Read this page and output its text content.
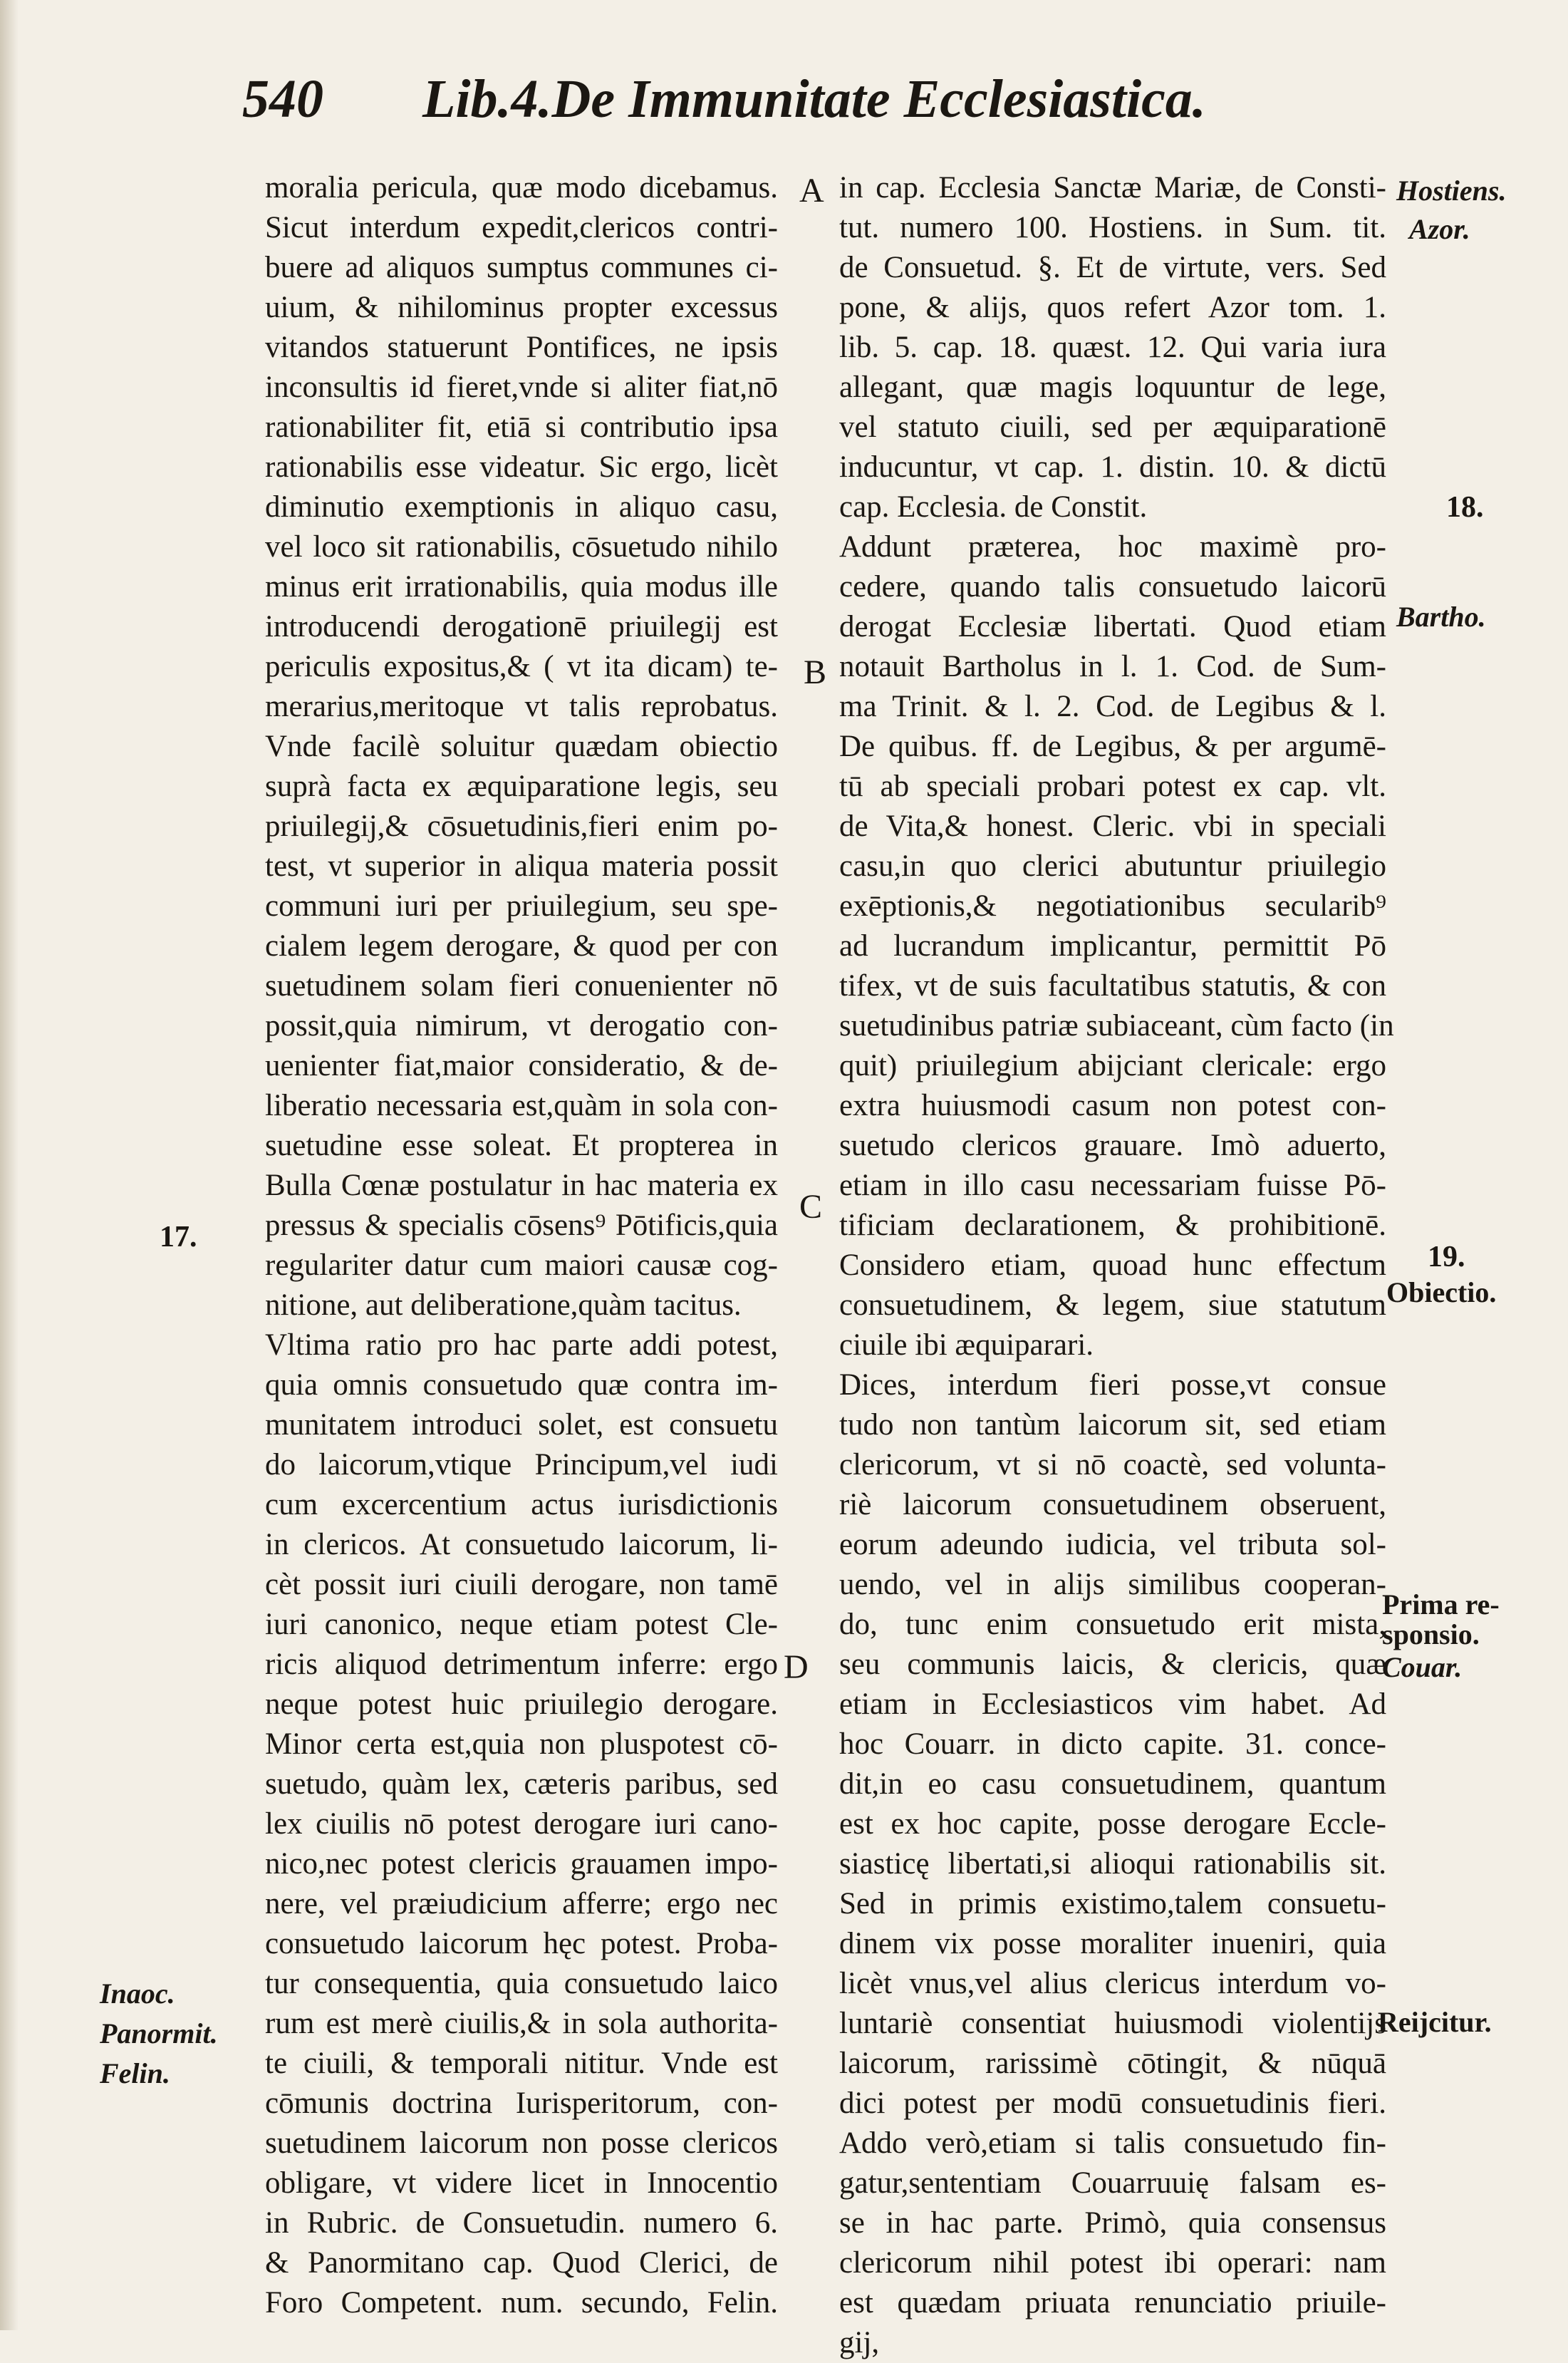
540 Lib.4.De Immunitate Ecclesiastica.
17.
Inaoc.
Panormit.
Felin.
moralia pericula, quæ modo dicebamus.
Sicut interdum expedit,clericos contri-
buere ad aliquos sumptus communes ci-
uium, & nihilominus propter excessus
vitandos statuerunt Pontifices, ne ipsis
inconsultis id fieret,vnde si aliter fiat,nō
rationabiliter fit, etiā si contributio ipsa
rationabilis esse videatur. Sic ergo, licèt
diminutio exemptionis in aliquo casu,
vel loco sit rationabilis, cōsuetudo nihilo
minus erit irrationabilis, quia modus ille
introducendi derogationē priuilegij est
periculis expositus,& ( vt ita dicam) te-
merarius,meritoque vt talis reprobatus.
Vnde facilè soluitur quædam obiectio
suprà facta ex æquiparatione legis, seu
priuilegij,& cōsuetudinis,fieri enim po-
test, vt superior in aliqua materia possit
communi iuri per priuilegium, seu spe-
cialem legem derogare, & quod per con
suetudinem solam fieri conuenienter nō
possit,quia nimirum, vt derogatio con-
uenienter fiat,maior consideratio, & de-
liberatio necessaria est,quàm in sola con-
suetudine esse soleat. Et propterea in
Bulla Cœnæ postulatur in hac materia ex
pressus & specialis cōsens⁹ Pōtificis,quia
regulariter datur cum maiori causæ cog-
nitione, aut deliberatione,quàm tacitus.
Vltima ratio pro hac parte addi potest,
quia omnis consuetudo quæ contra im-
munitatem introduci solet, est consuetu
do laicorum,vtique Principum,vel iudi
cum excercentium actus iurisdictionis
in clericos. At consuetudo laicorum, li-
cèt possit iuri ciuili derogare, non tamē
iuri canonico, neque etiam potest Cle-
ricis aliquod detrimentum inferre: ergo
neque potest huic priuilegio derogare.
Minor certa est,quia non pluspotest cō-
suetudo, quàm lex, cæteris paribus, sed
lex ciuilis nō potest derogare iuri cano-
nico,nec potest clericis grauamen impo-
nere, vel præiudicium afferre; ergo nec
consuetudo laicorum hęc potest. Proba-
tur consequentia, quia consuetudo laico
rum est merè ciuilis,& in sola authorita-
te ciuili, & temporali nititur. Vnde est
cōmunis doctrina Iurisperitorum, con-
suetudinem laicorum non posse clericos
obligare, vt videre licet in Innocentio
in Rubric. de Consuetudin. numero 6.
& Panormitano cap. Quod Clerici, de
Foro Competent. num. secundo, Felin.
A
B
C
D
in cap. Ecclesia Sanctæ Mariæ, de Consti-
tut. numero 100. Hostiens. in Sum. tit.
de Consuetud. §. Et de virtute, vers. Sed
pone, & alijs, quos refert Azor tom. 1.
lib. 5. cap. 18. quæst. 12. Qui varia iura
allegant, quæ magis loquuntur de lege,
vel statuto ciuili, sed per æquiparationē
inducuntur, vt cap. 1. distin. 10. & dictū
cap. Ecclesia. de Constit.
Addunt præterea, hoc maximè pro-
cedere, quando talis consuetudo laicorū
derogat Ecclesiæ libertati. Quod etiam
notauit Bartholus in l. 1. Cod. de Sum-
ma Trinit. & l. 2. Cod. de Legibus & l.
De quibus. ff. de Legibus, & per argumē-
tū ab speciali probari potest ex cap. vlt.
de Vita,& honest. Cleric. vbi in speciali
casu,in quo clerici abutuntur priuilegio
exēptionis,& negotiationibus secularib⁹
ad lucrandum implicantur, permittit Pō
tifex, vt de suis facultatibus statutis, & con
suetudinibus patriæ subiaceant, cùm facto (in
quit) priuilegium abijciant clericale: ergo
extra huiusmodi casum non potest con-
suetudo clericos grauare. Imò aduerto,
etiam in illo casu necessariam fuisse Pō-
tificiam declarationem, & prohibitionē.
Considero etiam, quoad hunc effectum
consuetudinem, & legem, siue statutum
ciuile ibi æquiparari.
Dices, interdum fieri posse,vt consue
tudo non tantùm laicorum sit, sed etiam
clericorum, vt si nō coactè, sed volunta-
riè laicorum consuetudinem obseruent,
eorum adeundo iudicia, vel tributa sol-
uendo, vel in alijs similibus cooperan-
do, tunc enim consuetudo erit mista,
seu communis laicis, & clericis, quæ
etiam in Ecclesiasticos vim habet. Ad
hoc Couarr. in dicto capite. 31. conce-
dit,in eo casu consuetudinem, quantum
est ex hoc capite, posse derogare Eccle-
siasticę libertati,si alioqui rationabilis sit.
Sed in primis existimo,talem consuetu-
dinem vix posse moraliter inueniri, quia
licèt vnus,vel alius clericus interdum vo-
luntariè consentiat huiusmodi violentijs
laicorum, rarissimè cōtingit, & nūquā
dici potest per modū consuetudinis fieri.
Addo verò,etiam si talis consuetudo fin-
gatur,sententiam Couarruuię falsam es-
se in hac parte. Primò, quia consensus
clericorum nihil potest ibi operari: nam
est quædam priuata renunciatio priuile-
gij,
Hostiens.
Azor.
18.
Bartho.
19.
Obiectio.
Prima re-
sponsio.
Couar.
Reijcitur.
